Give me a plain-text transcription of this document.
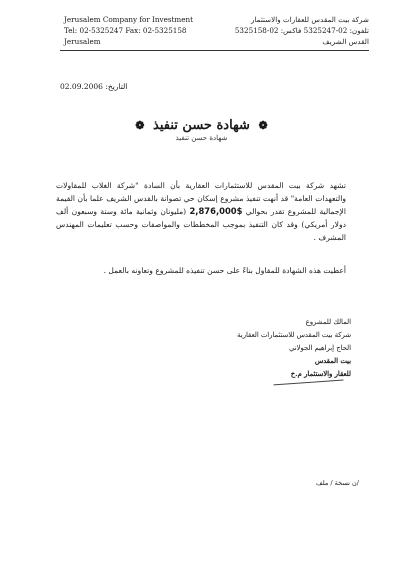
Jerusalem Company for Investment
Tel: 02-5325247 Fax: 02-5325158
Jerusalem
شركة بيت المقدس للعقارات والاستثمار
تلفون: 02-5325247 فاكس: 02-5325158
القدس الشريف
التاريخ: 02.09.2006
❁ شهادة حسن تنفيذ ❁
شهادة حسن تنفيذ
تشهد شركة بيت المقدس للاستثمارات العقارية بأن السادة "شركة الغلاب للمقاولات والتعهدات العامة" قد أنهت تنفيذ مشروع إسكان حي تصوانة بالقدس الشريف علما بأن القيمة الإجمالية للمشروع تقدر بحوالي $2,876,000 (مليونان وثمانية مائة وستة وسبعون ألف دولار أمريكي) وقد كان التنفيذ بموجب المخططات والمواصفات وحسب تعليمات المهندس المشرف .
أعطيت هذه الشهادة للمقاول بناءً على حسن تنفيذه للمشروع وتعاونه بالعمل .
المالك للمشروع
شركة بيت المقدس للاستثمارات العقارية
الحاج إبراهيم الجولاني
بيت المقدس
للعقار والاستثمار م.خ
/ن نسخة / ملف
